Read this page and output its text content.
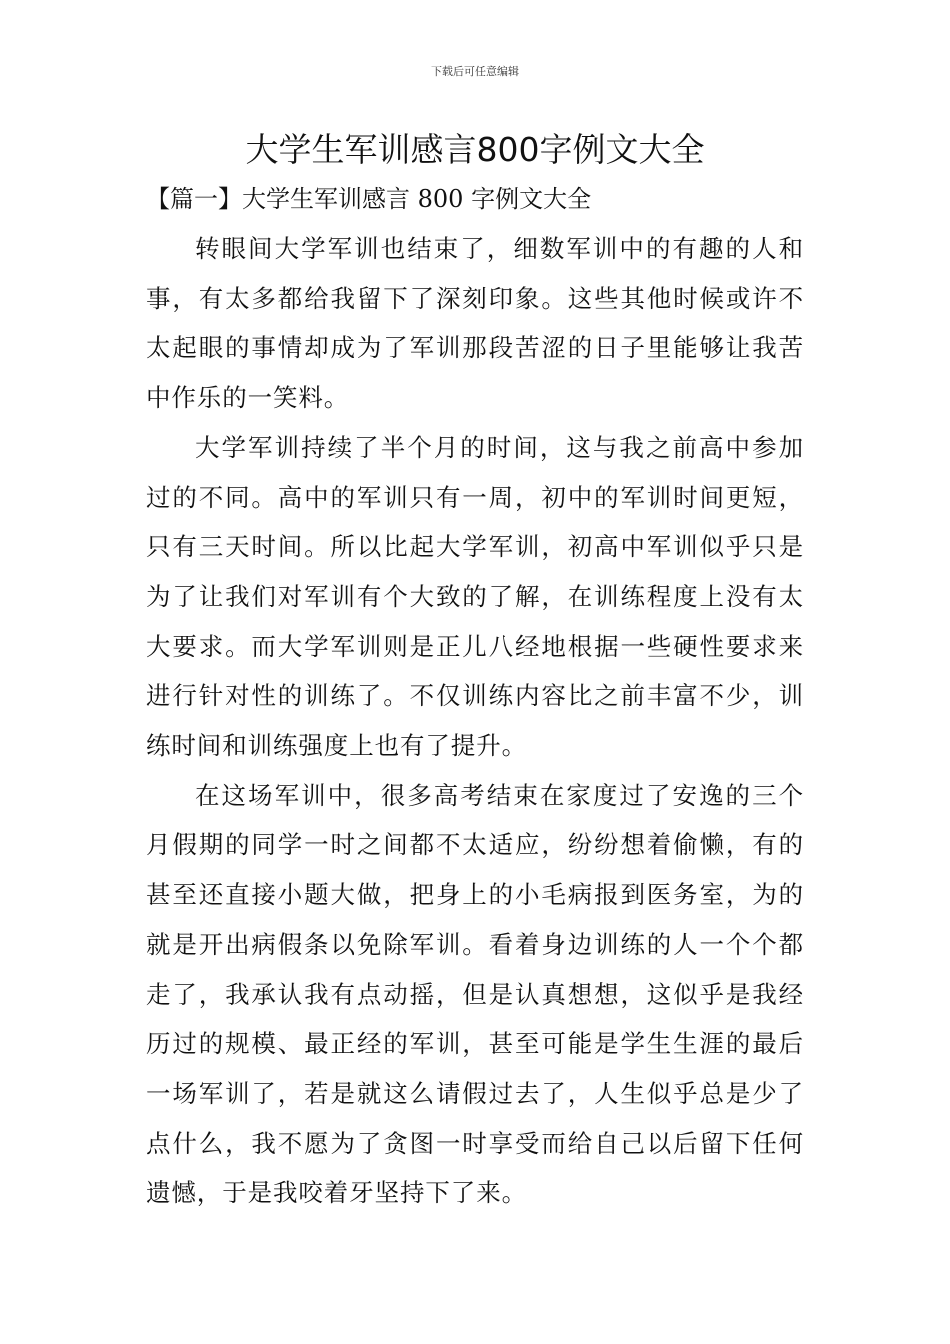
下载后可任意编辑
大学生军训感言800字例文大全
【篇一】大学生军训感言 800 字例文大全

转眼间大学军训也结束了，细数军训中的有趣的人和事，有太多都给我留下了深刻印象。这些其他时候或许不太起眼的事情却成为了军训那段苦涩的日子里能够让我苦中作乐的一笑料。

大学军训持续了半个月的时间，这与我之前高中参加过的不同。高中的军训只有一周，初中的军训时间更短，只有三天时间。所以比起大学军训，初高中军训似乎只是为了让我们对军训有个大致的了解，在训练程度上没有太大要求。而大学军训则是正儿八经地根据一些硬性要求来进行针对性的训练了。不仅训练内容比之前丰富不少，训练时间和训练强度上也有了提升。

在这场军训中，很多高考结束在家度过了安逸的三个月假期的同学一时之间都不太适应，纷纷想着偷懒，有的甚至还直接小题大做，把身上的小毛病报到医务室，为的就是开出病假条以免除军训。看着身边训练的人一个个都走了，我承认我有点动摇，但是认真想想，这似乎是我经历过的规模、最正经的军训，甚至可能是学生生涯的最后一场军训了，若是就这么请假过去了，人生似乎总是少了点什么，我不愿为了贪图一时享受而给自己以后留下任何遗憾，于是我咬着牙坚持下了来。
